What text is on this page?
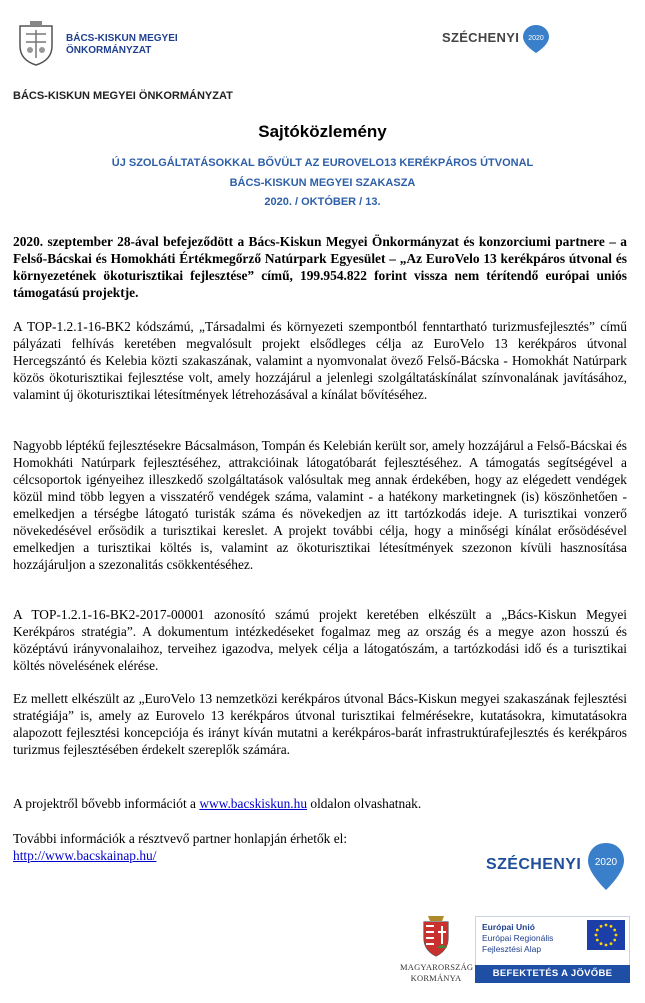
BÁCS-KISKUN MEGYEI
ÖNKORMÁNYZAT
SZÉCHENYI 2020
BÁCS-KISKUN MEGYEI ÖNKORMÁNYZAT
Sajtóközlemény
ÚJ SZOLGÁLTATÁSOKKAL BŐVÜLT AZ EUROVELO13 KERÉKPÁROS ÚTVONAL
BÁCS-KISKUN MEGYEI SZAKASZA
2020. / OKTÓBER / 13.
2020. szeptember 28-ával befejeződött a Bács-Kiskun Megyei Önkormányzat és konzorciumi partnere – a Felső-Bácskai és Homokháti Értékmegőrző Natúrpark Egyesület – „Az EuroVelo 13 kerékpáros útvonal és környezetének ökoturisztikai fejlesztése” című, 199.954.822 forint vissza nem térítendő európai uniós támogatású projektje.
A TOP-1.2.1-16-BK2 kódszámú, „Társadalmi és környezeti szempontból fenntartható turizmusfejlesztés” című pályázati felhívás keretében megvalósult projekt elsődleges célja az EuroVelo 13 kerékpáros útvonal Hercegszántó és Kelebia közti szakaszának, valamint a nyomvonalat övező Felső-Bácska - Homokhát Natúrpark közös ökoturisztikai fejlesztése volt, amely hozzájárul a jelenlegi szolgáltatáskínálat színvonalának javításához, valamint új ökoturisztikai létesítmények létrehozásával a kínálat bővítéséhez.
Nagyobb léptékű fejlesztésekre Bácsalmáson, Tompán és Kelebián került sor, amely hozzájárul a Felső-Bácskai és Homokháti Natúrpark fejlesztéséhez, attrakcióinak látogatóbarát fejlesztéséhez. A támogatás segítségével a célcsoportok igényeihez illeszkedő szolgáltatások valósultak meg annak érdekében, hogy az elégedett vendégek közül mind több legyen a visszatérő vendégek száma, valamint - a hatékony marketingnek (is) köszönhetően - emelkedjen a térségbe látogató turisták száma és növekedjen az itt tartózkodás ideje. A turisztikai vonzerő növekedésével erősödik a turisztikai kereslet. A projekt további célja, hogy a minőségi kínálat erősödésével emelkedjen a turisztikai költés is, valamint az ökoturisztikai létesítmények szezonon kívüli hasznosítása hozzájáruljon a szezonalitás csökkentéséhez.
A TOP-1.2.1-16-BK2-2017-00001 azonosító számú projekt keretében elkészült a „Bács-Kiskun Megyei Kerékpáros stratégia”. A dokumentum intézkedéseket fogalmaz meg az ország és a megye azon hosszú és középtávú irányvonalaihoz, terveihez igazodva, melyek célja a látogatószám, a tartózkodási idő és a turisztikai költés növelésének elérése.
Ez mellett elkészült az „EuroVelo 13 nemzetközi kerékpáros útvonal Bács-Kiskun megyei szakaszának fejlesztési stratégiája” is, amely az Eurovelo 13 kerékpáros útvonal turisztikai felmérésekre, kutatásokra, kimutatásokra alapozott fejlesztési koncepciója és irányt kíván mutatni a kerékpáros-barát infrastruktúrafejlesztés és kerékpáros turizmus fejlesztésében érdekelt szereplők számára.
A projektről bővebb információt a www.bacskiskun.hu oldalon olvashatnak.
További információk a résztvevő partner honlapján érhetők el:
http://www.bacskainap.hu/
SZÉCHENYI 2020
MAGYARORSZÁG
KORMÁNYA
Európai Unió
Európai Regionális
Fejlesztési Alap
BEFEKTETÉS A JÖVŐBE
